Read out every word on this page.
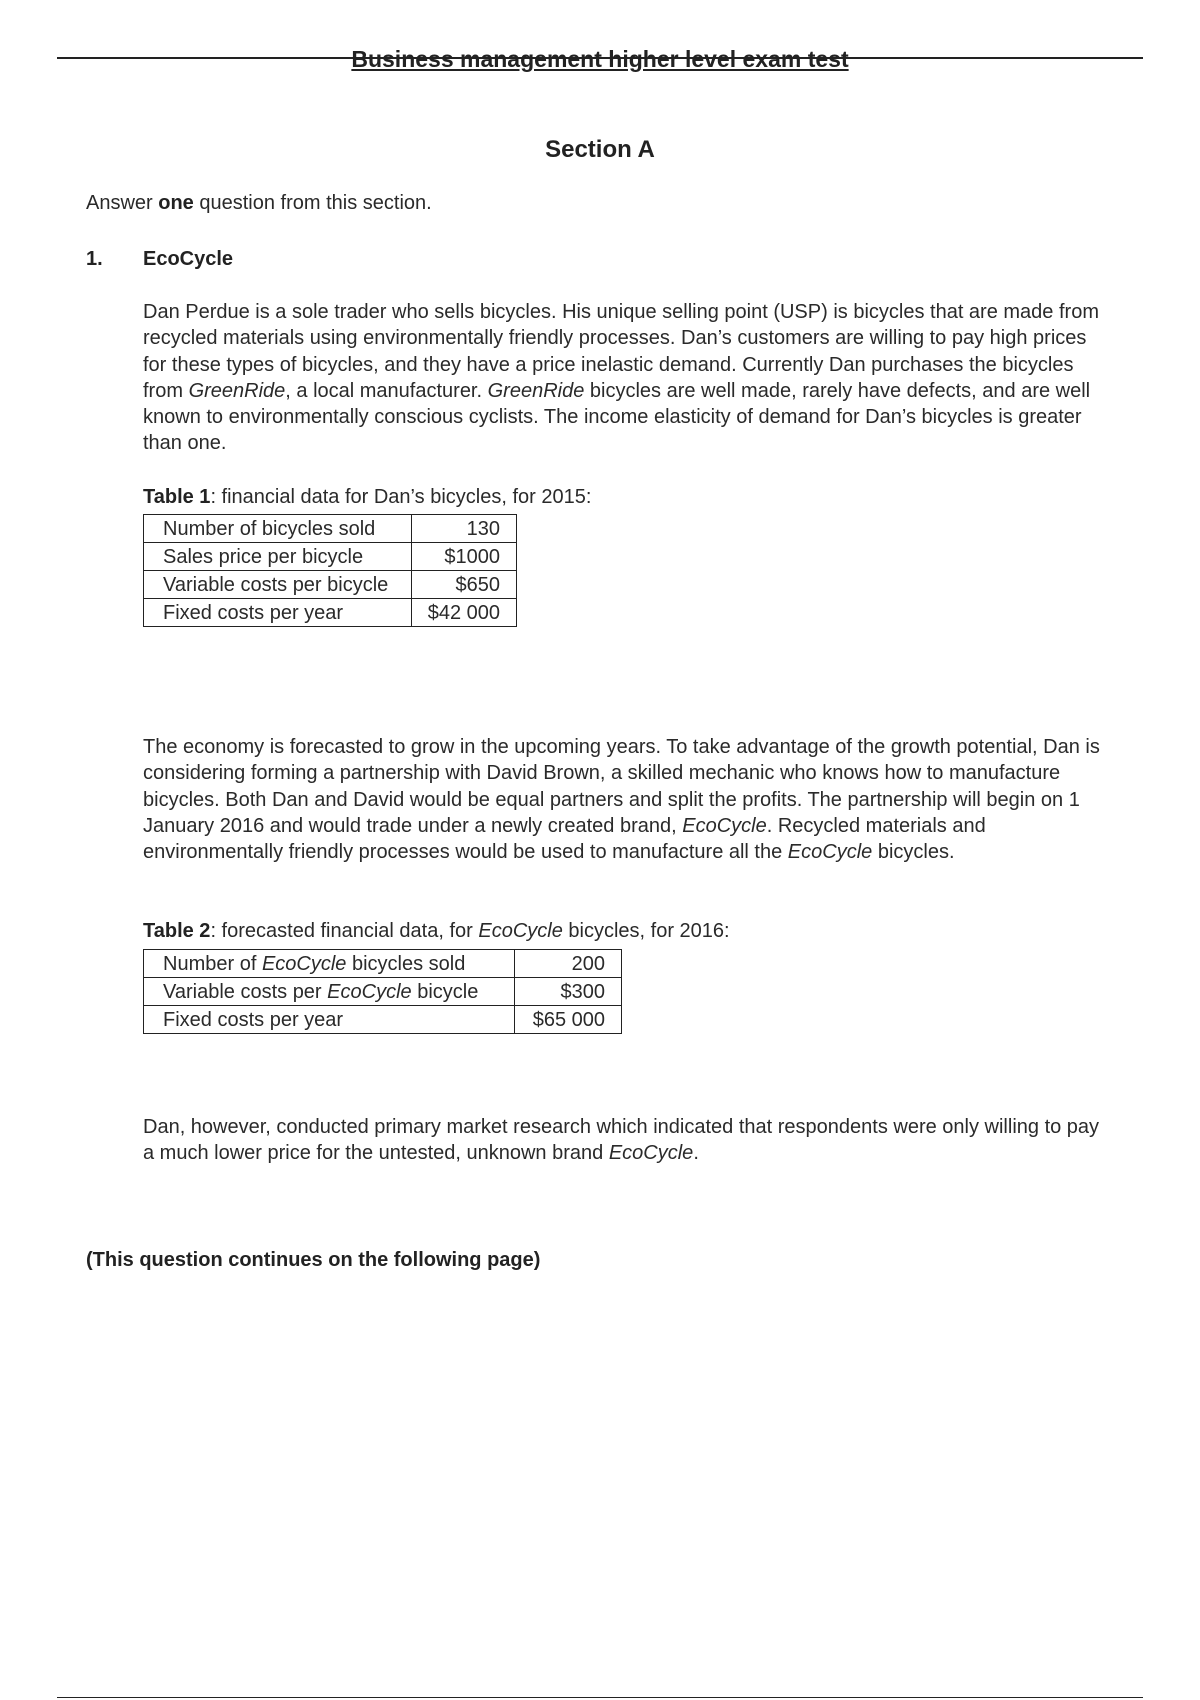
Business management higher level exam test
Section A
Answer one question from this section.
1. EcoCycle

Dan Perdue is a sole trader who sells bicycles. His unique selling point (USP) is bicycles that are made from recycled materials using environmentally friendly processes. Dan’s customers are willing to pay high prices for these types of bicycles, and they have a price inelastic demand. Currently Dan purchases the bicycles from GreenRide, a local manufacturer. GreenRide bicycles are well made, rarely have defects, and are well known to environmentally conscious cyclists. The income elasticity of demand for Dan’s bicycles is greater than one.

Table 1: financial data for Dan’s bicycles, for 2015:
Number of bicycles sold	130
Sales price per bicycle	$1000
Variable costs per bicycle	$650
Fixed costs per year	$42 000

The economy is forecasted to grow in the upcoming years. To take advantage of the growth potential, Dan is considering forming a partnership with David Brown, a skilled mechanic who knows how to manufacture bicycles. Both Dan and David would be equal partners and split the profits. The partnership will begin on 1 January 2016 and would trade under a newly created brand, EcoCycle. Recycled materials and environmentally friendly processes would be used to manufacture all the EcoCycle bicycles.

Table 2: forecasted financial data, for EcoCycle bicycles, for 2016:
Number of EcoCycle bicycles sold	200
Variable costs per EcoCycle bicycle	$300
Fixed costs per year	$65 000

Dan, however, conducted primary market research which indicated that respondents were only willing to pay a much lower price for the untested, unknown brand EcoCycle.

(This question continues on the following page)
